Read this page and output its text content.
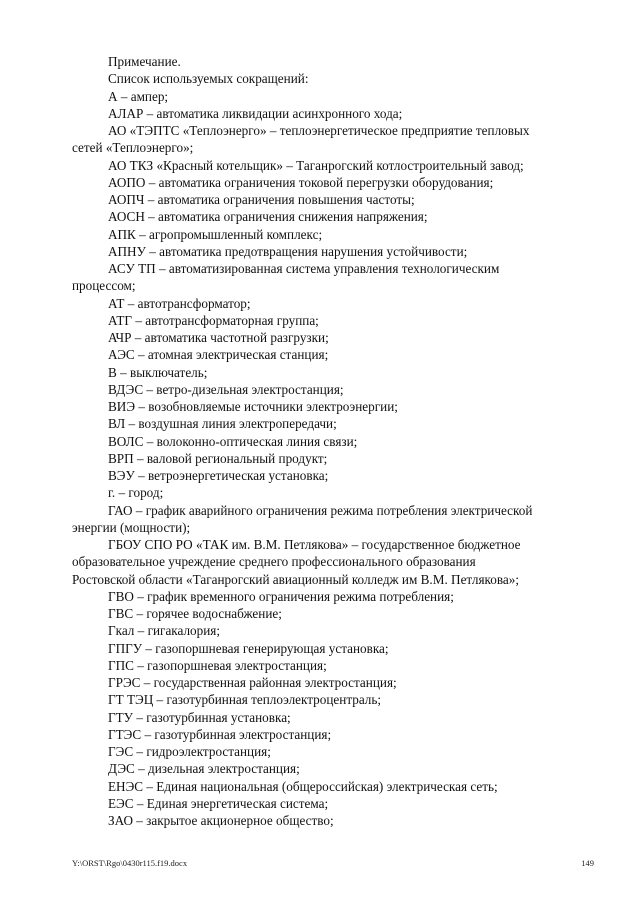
Примечание.
Список используемых сокращений:
А – ампер;
АЛАР – автоматика ликвидации асинхронного хода;
АО «ТЭПТС «Теплоэнерго» – теплоэнергетическое предприятие тепловых
сетей «Теплоэнерго»;
АО ТКЗ «Красный котельщик» – Таганрогский котлостроительный завод;
АОПО – автоматика ограничения токовой перегрузки оборудования;
АОПЧ – автоматика ограничения повышения частоты;
АОСН – автоматика ограничения снижения напряжения;
АПК – агропромышленный комплекс;
АПНУ – автоматика предотвращения нарушения устойчивости;
АСУ ТП – автоматизированная система управления технологическим
процессом;
АТ – автотрансформатор;
АТГ – автотрансформаторная группа;
АЧР – автоматика частотной разгрузки;
АЭС – атомная электрическая станция;
В – выключатель;
ВДЭС – ветро-дизельная электростанция;
ВИЭ – возобновляемые источники электроэнергии;
ВЛ – воздушная линия электропередачи;
ВОЛС – волоконно-оптическая линия связи;
ВРП – валовой региональный продукт;
ВЭУ – ветроэнергетическая установка;
г. – город;
ГАО – график аварийного ограничения режима потребления электрической
энергии (мощности);
ГБОУ СПО РО «ТАК им. В.М. Петлякова» – государственное бюджетное
образовательное учреждение среднего профессионального образования
Ростовской области «Таганрогский авиационный колледж им В.М. Петлякова»;
ГВО – график временного ограничения режима потребления;
ГВС – горячее водоснабжение;
Гкал – гигакалория;
ГПГУ – газопоршневая генерирующая установка;
ГПС – газопоршневая электростанция;
ГРЭС – государственная районная электростанция;
ГТ ТЭЦ – газотурбинная теплоэлектроцентраль;
ГТУ – газотурбинная установка;
ГТЭС – газотурбинная электростанция;
ГЭС – гидроэлектростанция;
ДЭС – дизельная электростанция;
ЕНЭС – Единая национальная (общероссийская) электрическая сеть;
ЕЭС – Единая энергетическая система;
ЗАО – закрытое акционерное общество;
Y:\ORST\Rgo\0430r115.f19.docx	149
